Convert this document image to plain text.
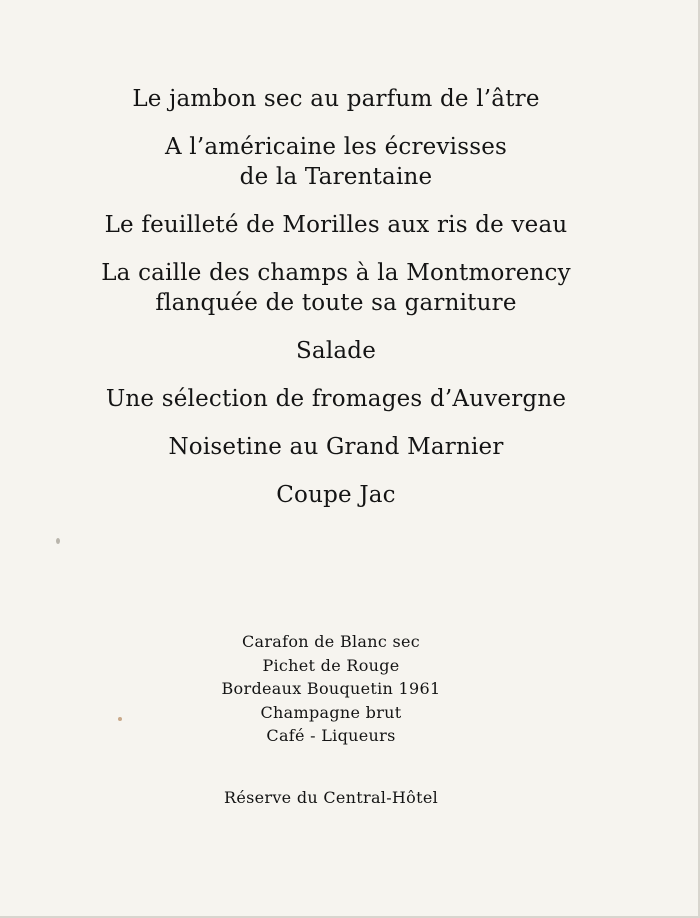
Le jambon sec au parfum de l’âtre
A l’américaine les écrevisses
de la Tarentaine
Le feuilleté de Morilles aux ris de veau
La caille des champs à la Montmorency
flanquée de toute sa garniture
Salade
Une sélection de fromages d’Auvergne
Noisetine au Grand Marnier
Coupe Jac
Carafon de Blanc sec
Pichet de Rouge
Bordeaux Bouquetin 1961
Champagne brut
Café - Liqueurs
Réserve du Central-Hôtel
